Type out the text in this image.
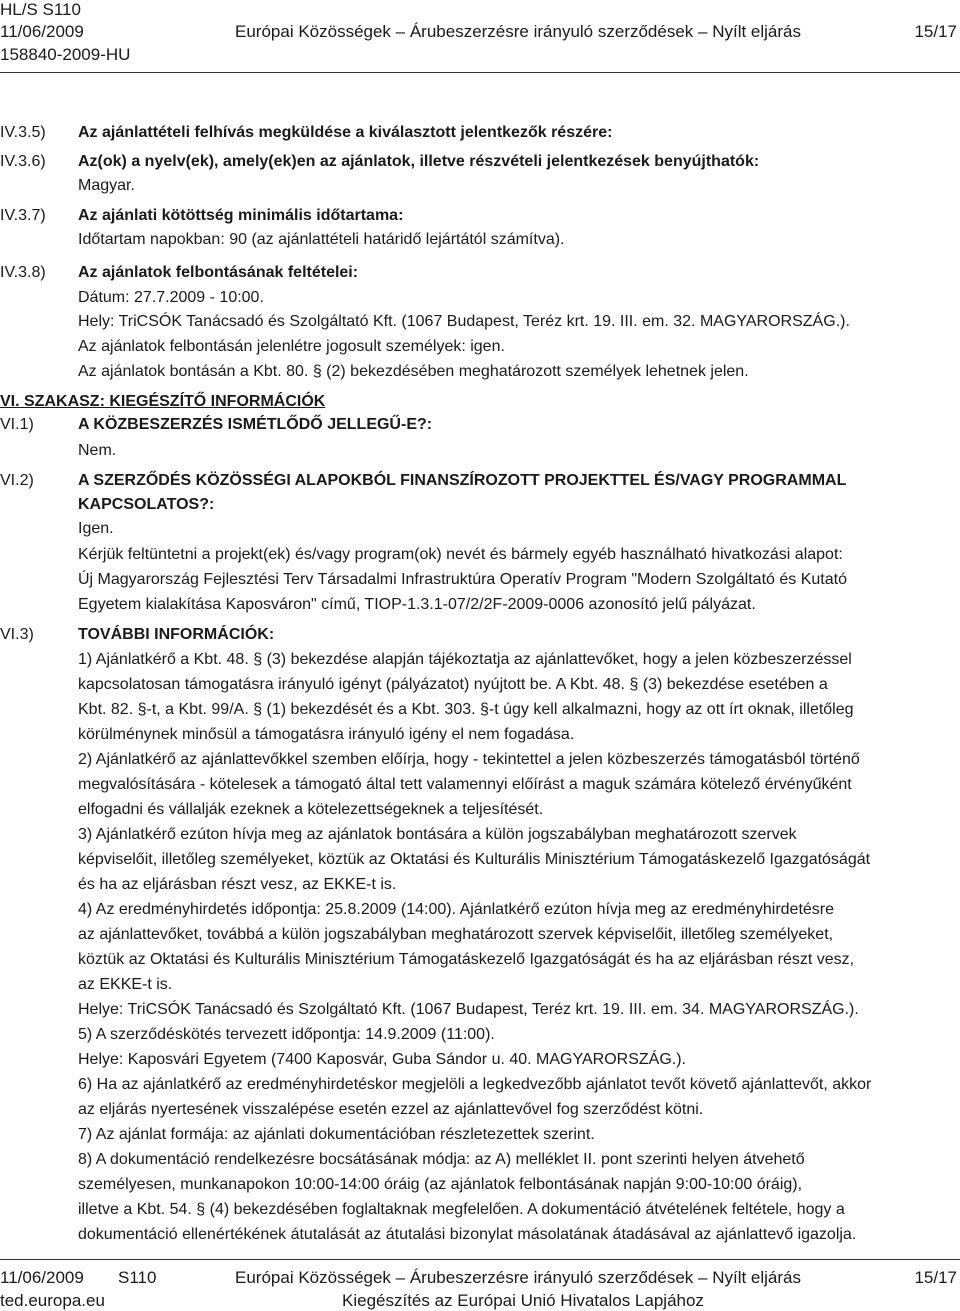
HL/S S110
11/06/2009	Európai Közösségek – Árubeszerzésre irányuló szerződések – Nyílt eljárás	15/17
158840-2009-HU
IV.3.5) Az ajánlattételi felhívás megküldése a kiválasztott jelentkezők részére:
IV.3.6) Az(ok) a nyelv(ek), amely(ek)en az ajánlatok, illetve részvételi jelentkezések benyújthatók:
Magyar.
IV.3.7) Az ajánlati kötöttség minimális időtartama:
Időtartam napokban: 90 (az ajánlattételi határidő lejártától számítva).
IV.3.8) Az ajánlatok felbontásának feltételei:
Dátum: 27.7.2009 - 10:00.
Hely: TriCSÓK Tanácsadó és Szolgáltató Kft. (1067 Budapest, Teréz krt. 19. III. em. 32. MAGYARORSZÁG.).
Az ajánlatok felbontásán jelenlétre jogosult személyek: igen.
Az ajánlatok bontásán a Kbt. 80. § (2) bekezdésében meghatározott személyek lehetnek jelen.
VI. SZAKASZ: KIEGÉSZÍTŐ INFORMÁCIÓK
VI.1)	A KÖZBESZERZÉS ISMÉTLŐDŐ JELLEGŰ-E?:
Nem.
VI.2)	A SZERZŐDÉS KÖZÖSSÉGI ALAPOKBÓL FINANSZÍROZOTT PROJEKTTEL ÉS/VAGY PROGRAMMAL
KAPCSOLATOS?:
Igen.
Kérjük feltüntetni a projekt(ek) és/vagy program(ok) nevét és bármely egyéb használható hivatkozási alapot:
Új Magyarország Fejlesztési Terv Társadalmi Infrastruktúra Operatív Program "Modern Szolgáltató és Kutató
Egyetem kialakítása Kaposváron" című, TIOP-1.3.1-07/2/2F-2009-0006 azonosító jelű pályázat.
VI.3)	TOVÁBBI INFORMÁCIÓK:
1) Ajánlatkérő a Kbt. 48. § (3) bekezdése alapján tájékoztatja az ajánlattevőket, hogy a jelen közbeszerzéssel
kapcsolatosan támogatásra irányuló igényt (pályázatot) nyújtott be. A Kbt. 48. § (3) bekezdése esetében a
Kbt. 82. §-t, a Kbt. 99/A. § (1) bekezdését és a Kbt. 303. §-t úgy kell alkalmazni, hogy az ott írt oknak, illetőleg
körülménynek minősül a támogatásra irányuló igény el nem fogadása.
2) Ajánlatkérő az ajánlattevőkkel szemben előírja, hogy - tekintettel a jelen közbeszerzés támogatásból történő
megvalósítására - kötelesek a támogató által tett valamennyi előírást a maguk számára kötelező érvényűként
elfogadni és vállalják ezeknek a kötelezettségeknek a teljesítését.
3) Ajánlatkérő ezúton hívja meg az ajánlatok bontására a külön jogszabályban meghatározott szervek
képviselőit, illetőleg személyeket, köztük az Oktatási és Kulturális Minisztérium Támogatáskezelő Igazgatóságát
és ha az eljárásban részt vesz, az EKKE-t is.
4) Az eredményhirdetés időpontja: 25.8.2009 (14:00). Ajánlatkérő ezúton hívja meg az eredményhirdetésre
az ajánlattevőket, továbbá a külön jogszabályban meghatározott szervek képviselőit, illetőleg személyeket,
köztük az Oktatási és Kulturális Minisztérium Támogatáskezelő Igazgatóságát és ha az eljárásban részt vesz,
az EKKE-t is.
Helye: TriCSÓK Tanácsadó és Szolgáltató Kft. (1067 Budapest, Teréz krt. 19. III. em. 34. MAGYARORSZÁG.).
5) A szerződéskötés tervezett időpontja: 14.9.2009 (11:00).
Helye: Kaposvári Egyetem (7400 Kaposvár, Guba Sándor u. 40. MAGYARORSZÁG.).
6) Ha az ajánlatkérő az eredményhirdetéskor megjelöli a legkedvezőbb ajánlatot tevőt követő ajánlattevőt, akkor
az eljárás nyertesének visszalépése esetén ezzel az ajánlattevővel fog szerződést kötni.
7) Az ajánlat formája: az ajánlati dokumentációban részletezettek szerint.
8) A dokumentáció rendelkezésre bocsátásának módja: az A) melléklet II. pont szerinti helyen átvehető
személyesen, munkanapokon 10:00-14:00 óráig (az ajánlatok felbontásának napján 9:00-10:00 óráig),
illetve a Kbt. 54. § (4) bekezdésében foglaltaknak megfelelően. A dokumentáció átvételének feltétele, hogy a
dokumentáció ellenértékének átutalását az átutalási bizonylat másolatának átadásával az ajánlattevő igazolja.
11/06/2009 S110	Európai Közösségek – Árubeszerzésre irányuló szerződések – Nyílt eljárás	15/17
ted.europa.eu	Kiegészítés az Európai Unió Hivatalos Lapjához
